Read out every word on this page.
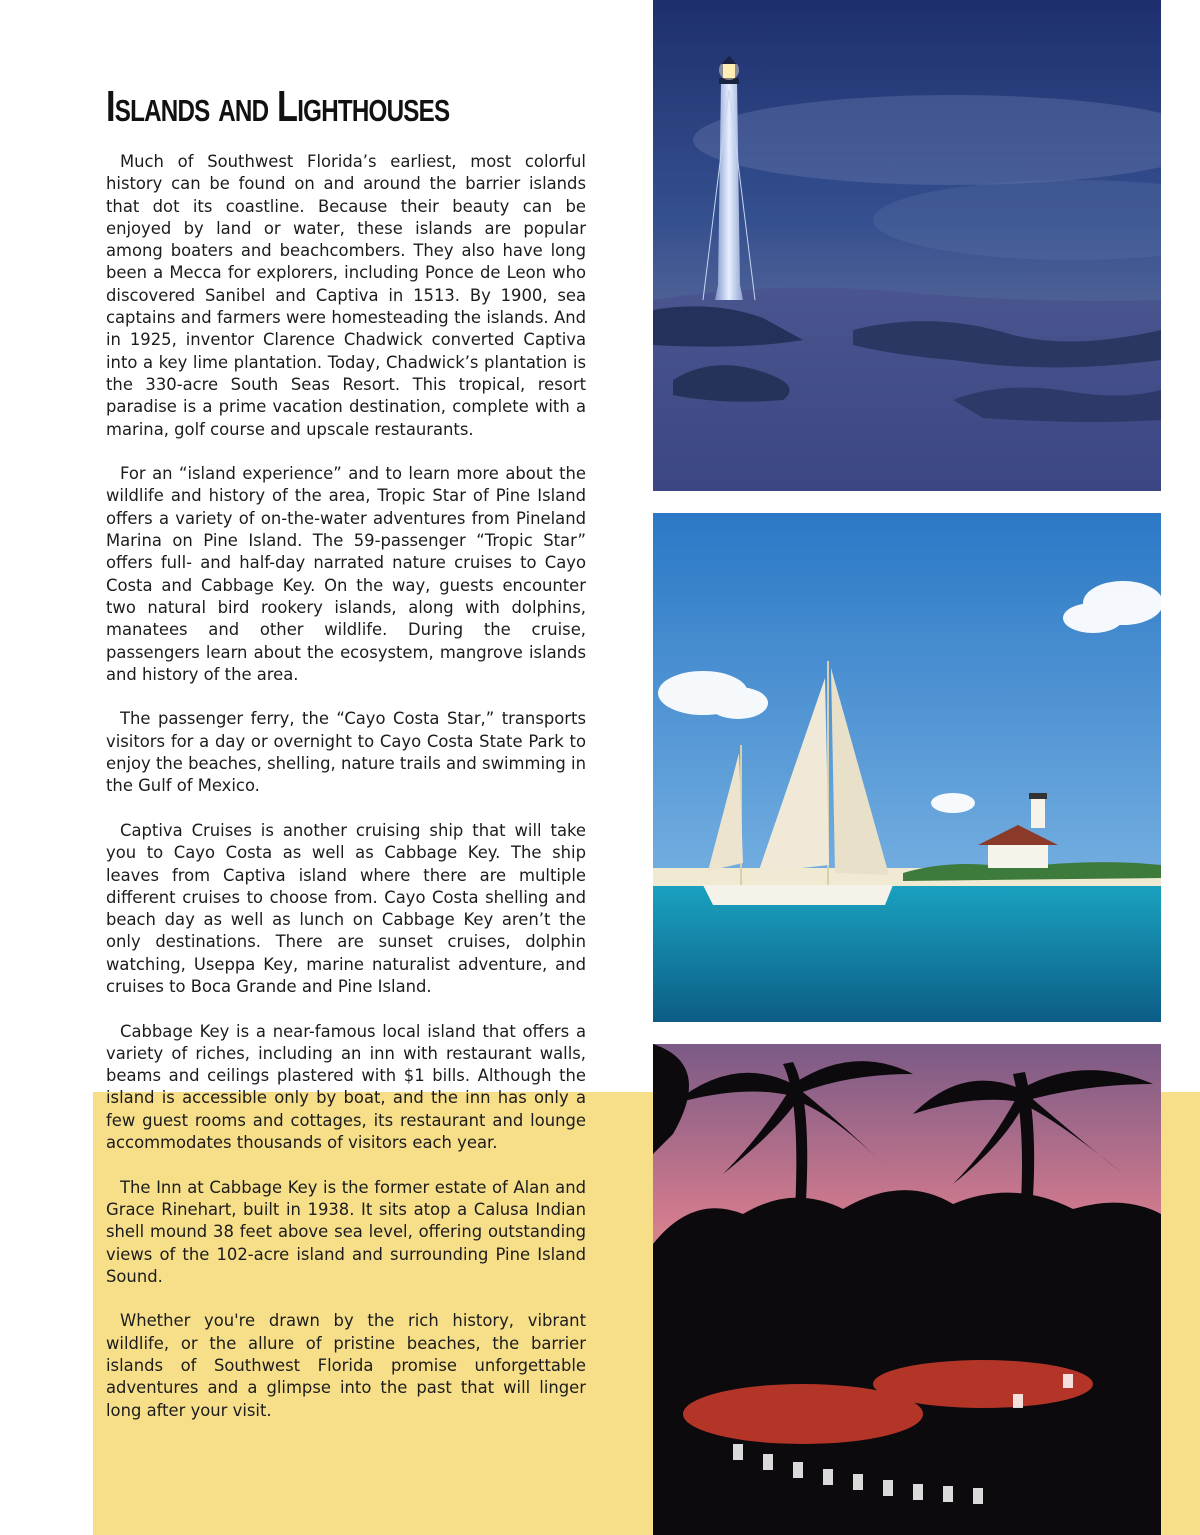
Islands and Lighthouses

Much of Southwest Florida’s earliest, most colorful history can be found on and around the barrier islands that dot its coastline. Because their beauty can be enjoyed by land or water, these islands are popular among boaters and beachcombers. They also have long been a Mecca for explorers, including Ponce de Leon who discovered Sanibel and Captiva in 1513. By 1900, sea captains and farmers were homesteading the islands. And in 1925, inventor Clarence Chadwick converted Captiva into a key lime plantation. Today, Chadwick’s plantation is the 330-acre South Seas Resort. This tropical, resort paradise is a prime vacation destination, complete with a marina, golf course and upscale restaurants.

For an “island experience” and to learn more about the wildlife and history of the area, Tropic Star of Pine Island offers a variety of on-the-water adventures from Pineland Marina on Pine Island. The 59-passenger “Tropic Star” offers full- and half-day narrated nature cruises to Cayo Costa and Cabbage Key. On the way, guests encounter two natural bird rookery islands, along with dolphins, manatees and other wildlife. During the cruise, passengers learn about the ecosystem, mangrove islands and history of the area.

The passenger ferry, the “Cayo Costa Star,” transports visitors for a day or overnight to Cayo Costa State Park to enjoy the beaches, shelling, nature trails and swimming in the Gulf of Mexico.

Captiva Cruises is another cruising ship that will take you to Cayo Costa as well as Cabbage Key. The ship leaves from Captiva island where there are multiple different cruises to choose from. Cayo Costa shelling and beach day as well as lunch on Cabbage Key aren’t the only destinations. There are sunset cruises, dolphin watching, Useppa Key, marine naturalist adventure, and cruises to Boca Grande and Pine Island.

Cabbage Key is a near-famous local island that offers a variety of riches, including an inn with restaurant walls, beams and ceilings plastered with $1 bills. Although the island is accessible only by boat, and the inn has only a few guest rooms and cottages, its restaurant and lounge accommodates thousands of visitors each year.

The Inn at Cabbage Key is the former estate of Alan and Grace Rinehart, built in 1938. It sits atop a Calusa Indian shell mound 38 feet above sea level, offering outstanding views of the 102-acre island and surrounding Pine Island Sound.

Whether you're drawn by the rich history, vibrant wildlife, or the allure of pristine beaches, the barrier islands of Southwest Florida promise unforgettable adventures and a glimpse into the past that will linger long after your visit.
